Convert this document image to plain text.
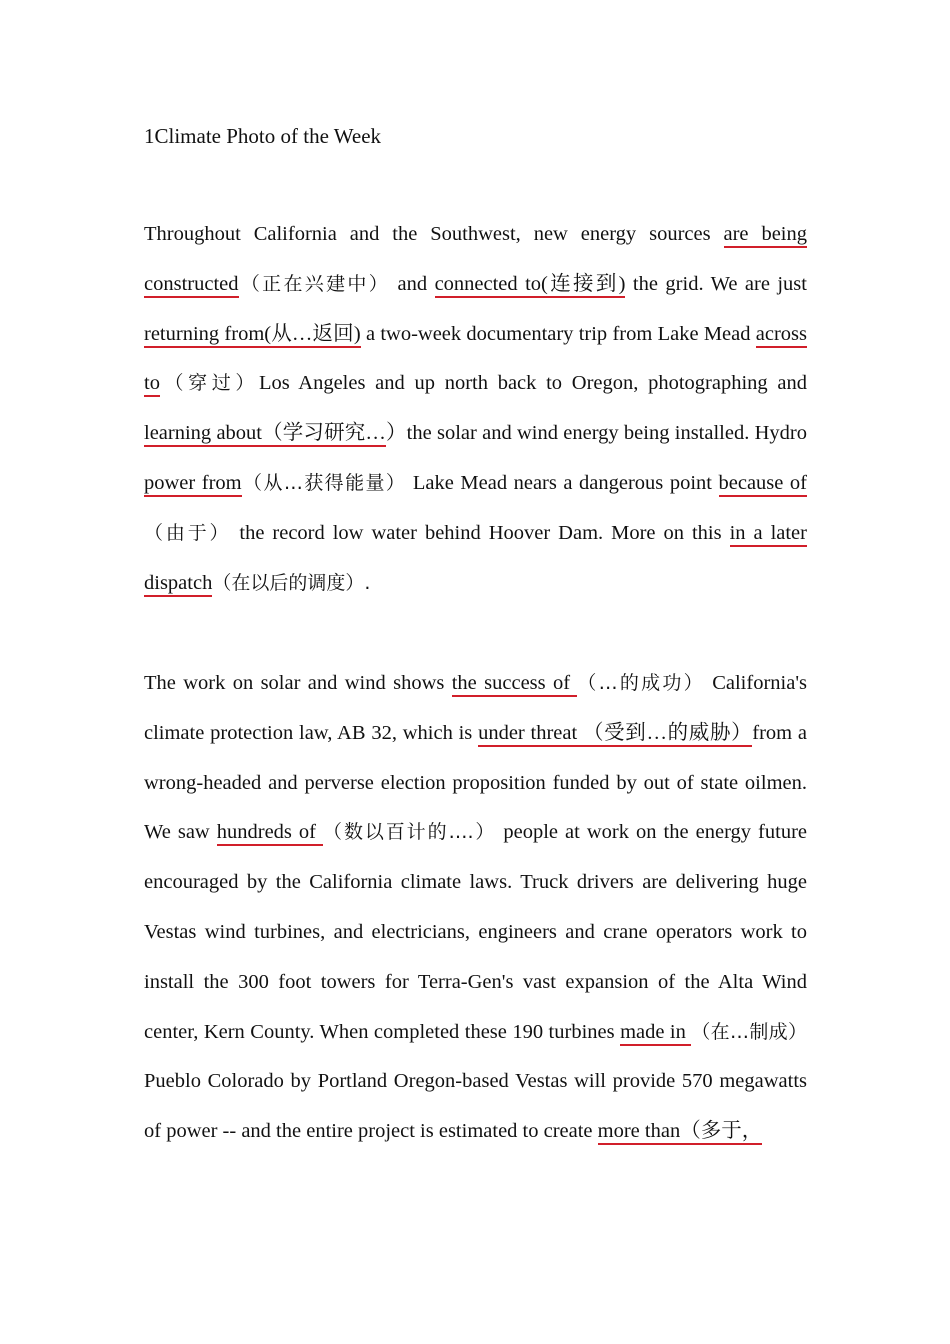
1Climate Photo of the Week

Throughout California and the Southwest, new energy sources are being constructed（正在兴建中） and connected to(连接到) the grid. We are just returning from(从…返回) a two-week documentary trip from Lake Mead across to（穿过）Los Angeles and up north back to Oregon, photographing and learning about（学习研究…）the solar and wind energy being installed. Hydro power from（从…获得能量） Lake Mead nears a dangerous point because of（由于） the record low water behind Hoover Dam. More on this in a later dispatch（在以后的调度）.

The work on solar and wind shows the success of （…的成功） California's climate protection law, AB 32, which is under threat （受到…的威胁）from a wrong-headed and perverse election proposition funded by out of state oilmen. We saw hundreds of （数以百计的….） people at work on the energy future encouraged by the California climate laws. Truck drivers are delivering huge Vestas wind turbines, and electricians, engineers and crane operators work to install the 300 foot towers for Terra-Gen's vast expansion of the Alta Wind center, Kern County. When completed these 190 turbines made in （在…制成）Pueblo Colorado by Portland Oregon-based Vestas will provide 570 megawatts of power -- and the entire project is estimated to create more than（多于，
